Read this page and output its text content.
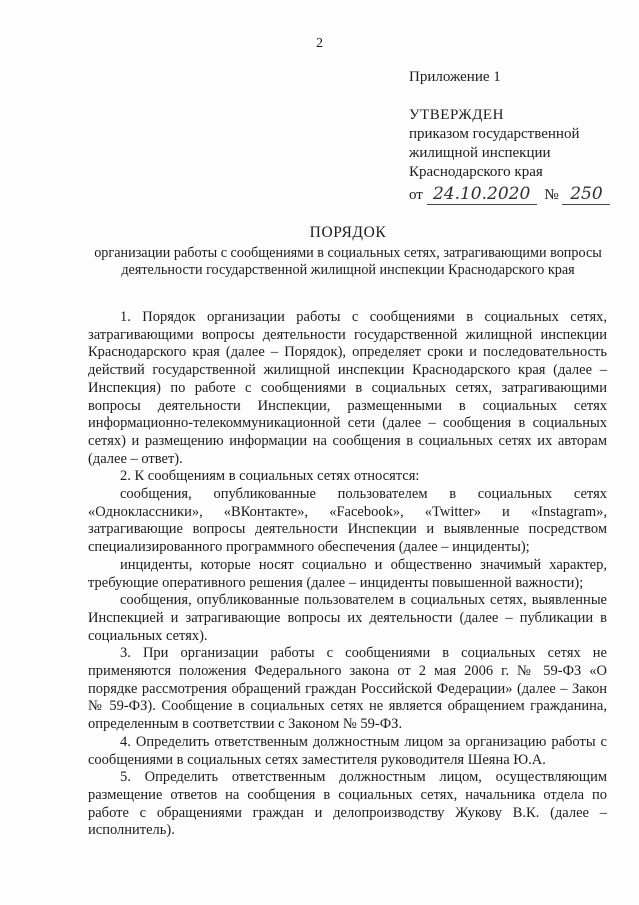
2
Приложение 1
УТВЕРЖДЕН
приказом государственной
жилищной инспекции
Краснодарского края
от 24.10.2020 № 250
ПОРЯДОК
организации работы с сообщениями в социальных сетях, затрагивающими вопросы деятельности государственной жилищной инспекции Краснодарского края

1. Порядок организации работы с сообщениями в социальных сетях, затрагивающими вопросы деятельности государственной жилищной инспекции Краснодарского края (далее – Порядок), определяет сроки и последовательность действий государственной жилищной инспекции Краснодарского края (далее – Инспекция) по работе с сообщениями в социальных сетях, затрагивающими вопросы деятельности Инспекции, размещенными в социальных сетях информационно-телекоммуникационной сети (далее – сообщения в социальных сетях) и размещению информации на сообщения в социальных сетях их авторам (далее – ответ).

2. К сообщениям в социальных сетях относятся:

сообщения, опубликованные пользователем в социальных сетях «Одноклассники», «ВКонтакте», «Facebook», «Twitter» и «Instagram», затрагивающие вопросы деятельности Инспекции и выявленные посредством специализированного программного обеспечения (далее – инциденты);

инциденты, которые носят социально и общественно значимый характер, требующие оперативного решения (далее – инциденты повышенной важности);

сообщения, опубликованные пользователем в социальных сетях, выявленные Инспекцией и затрагивающие вопросы их деятельности (далее – публикации в социальных сетях).

3. При организации работы с сообщениями в социальных сетях не применяются положения Федерального закона от 2 мая 2006 г. № 59-ФЗ «О порядке рассмотрения обращений граждан Российской Федерации» (далее – Закон № 59-ФЗ). Сообщение в социальных сетях не является обращением гражданина, определенным в соответствии с Законом № 59-ФЗ.

4. Определить ответственным должностным лицом за организацию работы с сообщениями в социальных сетях заместителя руководителя Шеяна Ю.А.

5. Определить ответственным должностным лицом, осуществляющим размещение ответов на сообщения в социальных сетях, начальника отдела по работе с обращениями граждан и делопроизводству Жукову В.К. (далее – исполнитель).
